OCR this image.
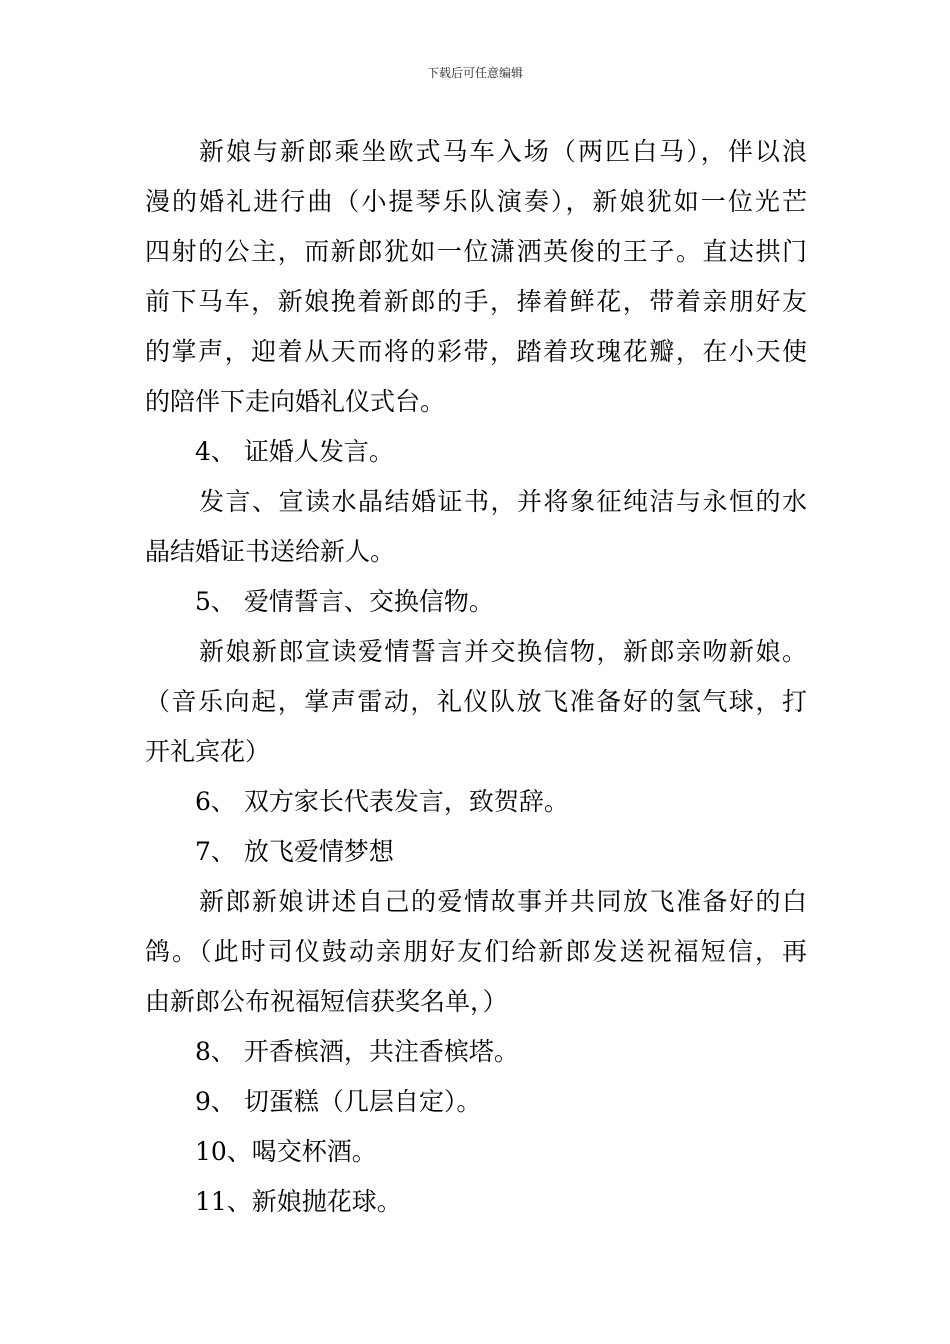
下载后可任意编辑
新娘与新郎乘坐欧式马车入场（两匹白马），伴以浪
漫的婚礼进行曲（小提琴乐队演奏），新娘犹如一位光芒
四射的公主，而新郎犹如一位潇洒英俊的王子。直达拱门
前下马车，新娘挽着新郎的手，捧着鲜花，带着亲朋好友
的掌声，迎着从天而将的彩带，踏着玫瑰花瓣，在小天使
的陪伴下走向婚礼仪式台。
4、 证婚人发言。
发言、宣读水晶结婚证书，并将象征纯洁与永恒的水
晶结婚证书送给新人。
5、 爱情誓言、交换信物。
新娘新郎宣读爱情誓言并交换信物，新郎亲吻新娘。
（音乐向起，掌声雷动，礼仪队放飞准备好的氢气球，打
开礼宾花）
6、 双方家长代表发言，致贺辞。
7、 放飞爱情梦想
新郎新娘讲述自己的爱情故事并共同放飞准备好的白
鸽。（此时司仪鼓动亲朋好友们给新郎发送祝福短信，再
由新郎公布祝福短信获奖名单，）
8、 开香槟酒，共注香槟塔。
9、 切蛋糕（几层自定）。
10、喝交杯酒。
11、新娘抛花球。
